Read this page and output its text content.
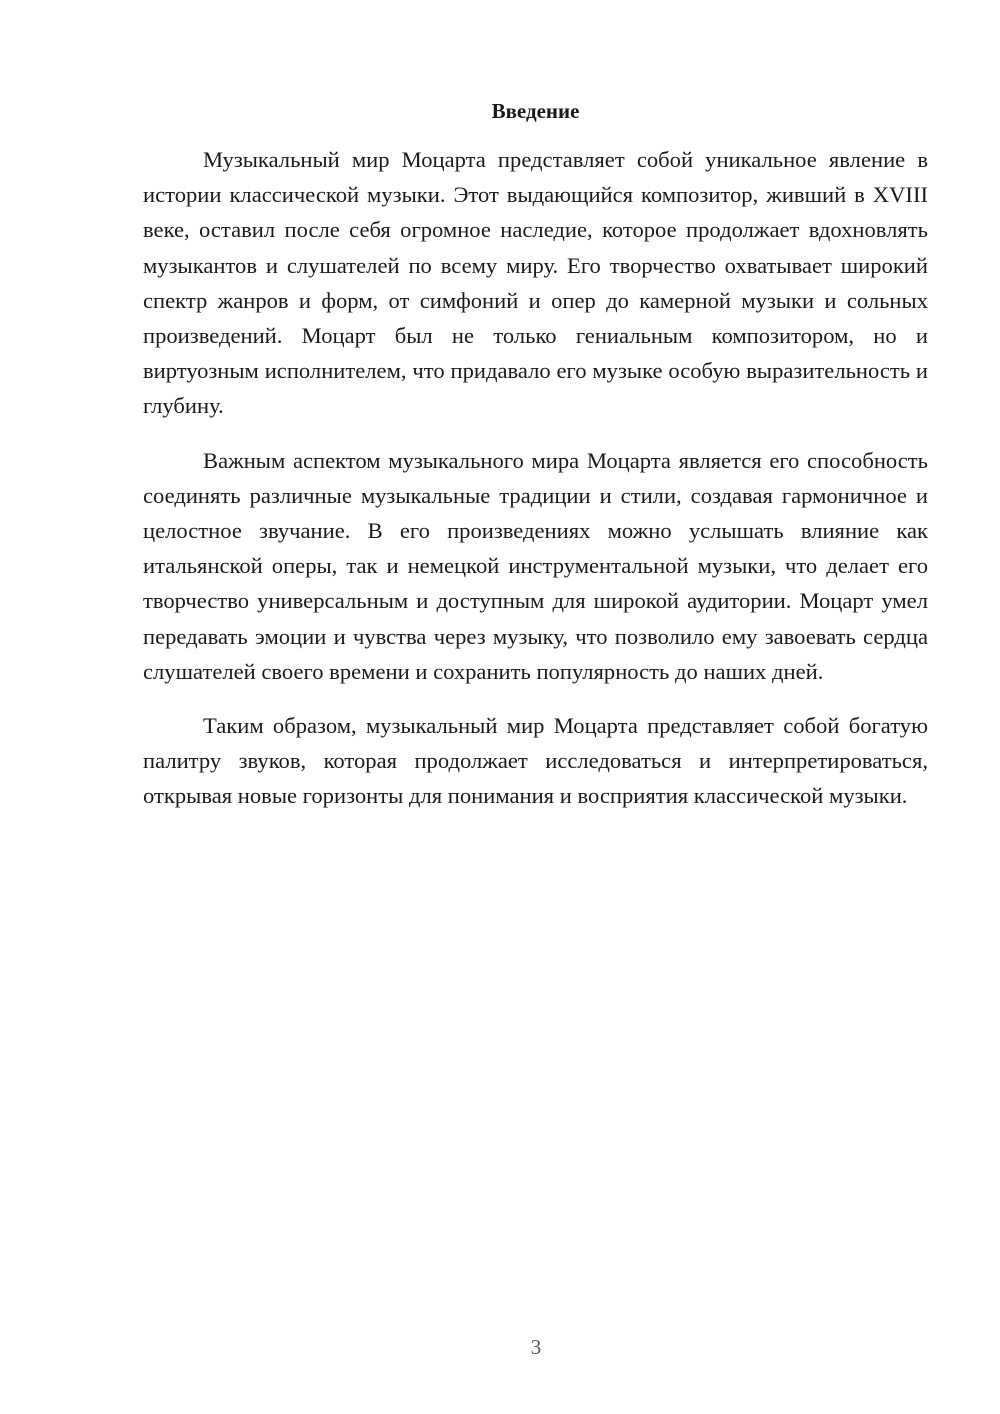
Введение

Музыкальный мир Моцарта представляет собой уникальное явление в истории классической музыки. Этот выдающийся композитор, живший в XVIII веке, оставил после себя огромное наследие, которое продолжает вдохновлять музыкантов и слушателей по всему миру. Его творчество охватывает широкий спектр жанров и форм, от симфоний и опер до камерной музыки и сольных произведений. Моцарт был не только гениальным композитором, но и виртуозным исполнителем, что придавало его музыке особую выразительность и глубину.

Важным аспектом музыкального мира Моцарта является его способность соединять различные музыкальные традиции и стили, создавая гармоничное и целостное звучание. В его произведениях можно услышать влияние как итальянской оперы, так и немецкой инструментальной музыки, что делает его творчество универсальным и доступным для широкой аудитории. Моцарт умел передавать эмоции и чувства через музыку, что позволило ему завоевать сердца слушателей своего времени и сохранить популярность до наших дней.

Таким образом, музыкальный мир Моцарта представляет собой богатую палитру звуков, которая продолжает исследоваться и интерпретироваться, открывая новые горизонты для понимания и восприятия классической музыки.

3
